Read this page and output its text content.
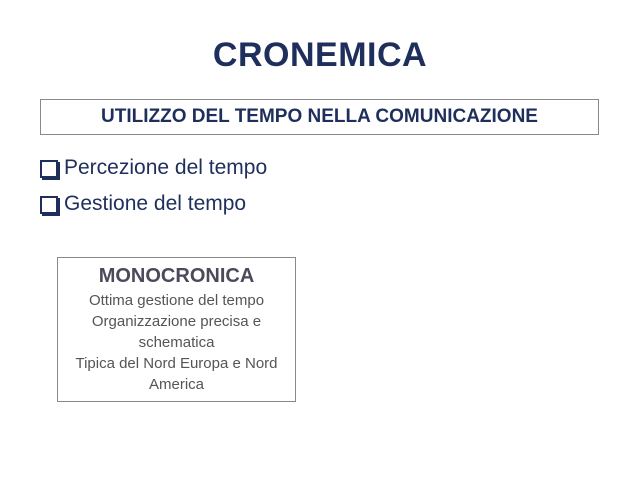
CRONEMICA
UTILIZZO DEL TEMPO NELLA COMUNICAZIONE
Percezione del tempo
Gestione del tempo
MONOCRONICA
Ottima gestione del tempo
Organizzazione precisa e
schematica
Tipica del Nord Europa e Nord
America
